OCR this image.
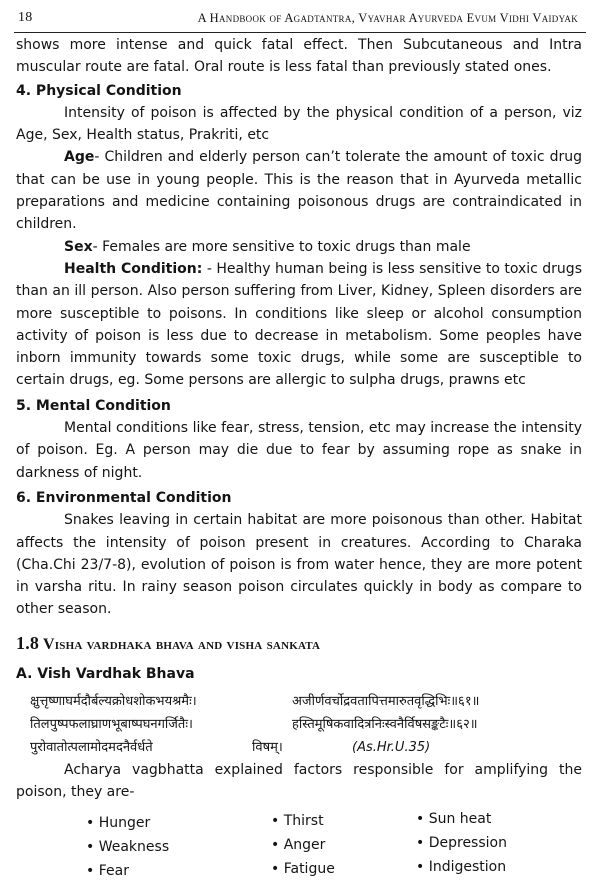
18	A Handbook of Agadtantra, Vyavhar Ayurveda Evum Vidhi Vaidyak

shows more intense and quick fatal effect. Then Subcutaneous and Intra muscular route are fatal. Oral route is less fatal than previously stated ones.

4. Physical Condition

Intensity of poison is affected by the physical condition of a person, viz Age, Sex, Health status, Prakriti, etc

Age- Children and elderly person can’t tolerate the amount of toxic drug that can be use in young people. This is the reason that in Ayurveda metallic preparations and medicine containing poisonous drugs are contraindicated in children.

Sex- Females are more sensitive to toxic drugs than male

Health Condition: - Healthy human being is less sensitive to toxic drugs than an ill person. Also person suffering from Liver, Kidney, Spleen disorders are more susceptible to poisons. In conditions like sleep or alcohol consumption activity of poison is less due to decrease in metabolism. Some peoples have inborn immunity towards some toxic drugs, while some are susceptible to certain drugs, eg. Some persons are allergic to sulpha drugs, prawns etc

5. Mental Condition

Mental conditions like fear, stress, tension, etc may increase the intensity of poison. Eg. A person may die due to fear by assuming rope as snake in darkness of night.

6. Environmental Condition

Snakes leaving in certain habitat are more poisonous than other. Habitat affects the intensity of poison present in creatures. According to Charaka (Cha.Chi 23/7-8), evolution of poison is from water hence, they are more potent in varsha ritu. In rainy season poison circulates quickly in body as compare to other season.

1.8 Visha vardhaka bhava and visha sankata
A. Vish Vardhak Bhava
क्षुत्तृष्णाघर्मदौर्बल्यक्रोधशोकभयश्रमैः।	अजीर्णवर्चोद्रवतापित्तमारुतवृद्धिभिः॥६१॥
तिलपुष्पफलाघ्राणभूबाष्पघनगर्जितैः।	हस्तिमूषिकवादित्रनिःस्वनैर्विषसङ्कटैः॥६२॥
पुरोवातोत्पलामोदमदनैर्वर्धते	विषम्।	(As.Hr.U.35)

Acharya vagbhatta explained factors responsible for amplifying the poison, they are-

• Hunger
• Weakness
• Fear
• Thirst
• Anger
• Fatigue
• Sun heat
• Depression
• Indigestion
